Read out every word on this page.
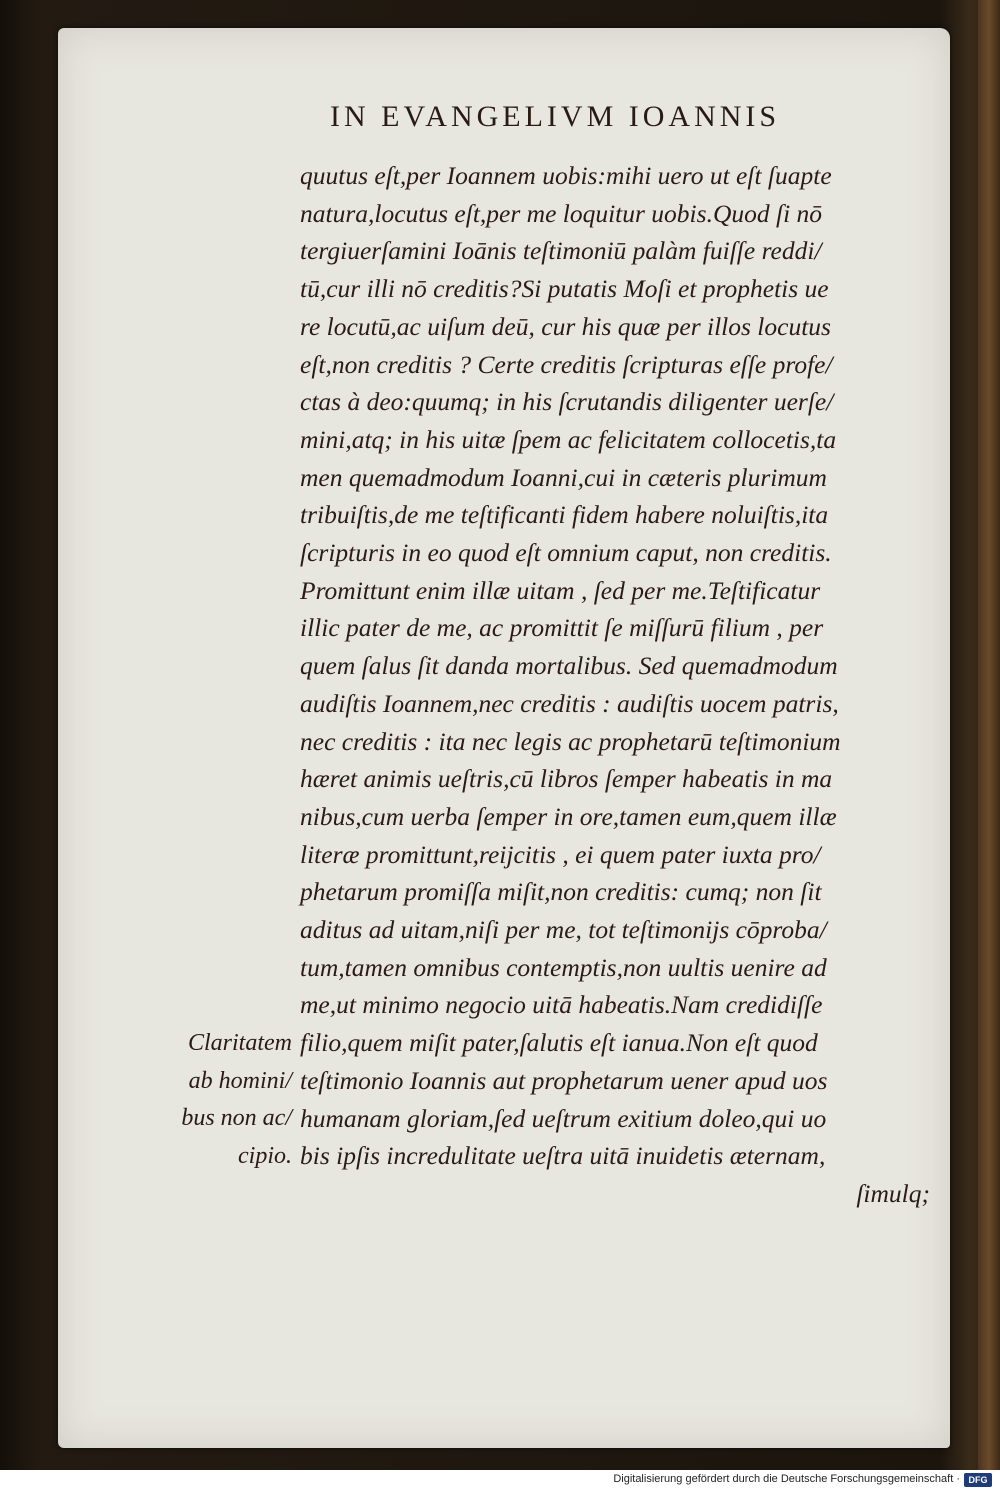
IN EVANGELIVM IOANNIS
quutus eſt,per Ioannem uobis:mihi uero ut eſt ſuapte
natura,locutus eſt,per me loquitur uobis.Quod ſi nō
tergiuerſamini Ioānis teſtimoniū palàm fuiſſe reddi/
tū,cur illi nō creditis?Si putatis Moſi et prophetis ue
re locutū,ac uiſum deū, cur his quæ per illos locutus
eſt,non creditis ? Certe creditis ſcripturas eſſe profe/
ctas à deo:quumq; in his ſcrutandis diligenter uerſe/
mini,atq; in his uitæ ſpem ac felicitatem collocetis,ta
men quemadmodum Ioanni,cui in cæteris plurimum
tribuiſtis,de me teſtificanti fidem habere noluiſtis,ita
ſcripturis in eo quod eſt omnium caput, non creditis.
Promittunt enim illæ uitam , ſed per me.Teſtificatur
illic pater de me, ac promittit ſe miſſurū filium , per
quem ſalus ſit danda mortalibus. Sed quemadmodum
audiſtis Ioannem,nec creditis : audiſtis uocem patris,
nec creditis : ita nec legis ac prophetarū teſtimonium
hæret animis ueſtris,cū libros ſemper habeatis in ma
nibus,cum uerba ſemper in ore,tamen eum,quem illæ
literæ promittunt,reijcitis , ei quem pater iuxta pro/
phetarum promiſſa miſit,non creditis: cumq; non ſit
aditus ad uitam,niſi per me, tot teſtimonijs cōproba/
tum,tamen omnibus contemptis,non uultis uenire ad
me,ut minimo negocio uitā habeatis.Nam credidiſſe
filio,quem miſit pater,ſalutis eſt ianua.Non eſt quod
teſtimonio Ioannis aut prophetarum uener apud uos
humanam gloriam,ſed ueſtrum exitium doleo,qui uo
bis ipſis incredulitate ueſtra uitā inuidetis æternam,
ſimulq;
Claritatem
ab homini/
bus non ac/
cipio.
Digitalisierung gefördert durch die Deutsche Forschungsgemeinschaft · DFG
